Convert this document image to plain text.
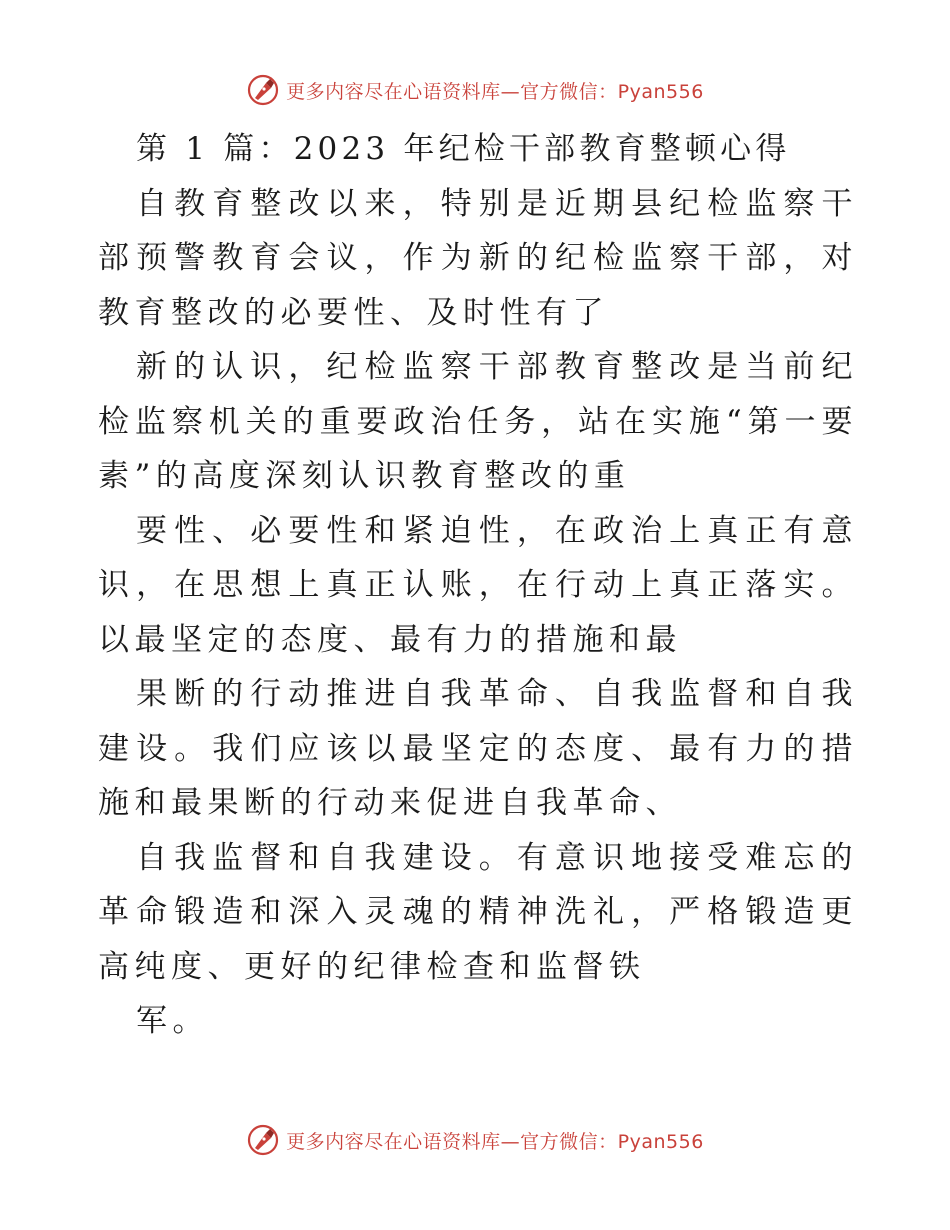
更多内容尽在心语资料库—官方微信：Pyan556

第 1 篇：2023 年纪检干部教育整顿心得

自教育整改以来，特别是近期县纪检监察干部预警教育会议，作为新的纪检监察干部，对教育整改的必要性、及时性有了

新的认识，纪检监察干部教育整改是当前纪检监察机关的重要政治任务，站在实施“第一要素”的高度深刻认识教育整改的重

要性、必要性和紧迫性，在政治上真正有意识，在思想上真正认账，在行动上真正落实。以最坚定的态度、最有力的措施和最

果断的行动推进自我革命、自我监督和自我建设。我们应该以最坚定的态度、最有力的措施和最果断的行动来促进自我革命、

自我监督和自我建设。有意识地接受难忘的革命锻造和深入灵魂的精神洗礼，严格锻造更高纯度、更好的纪律检查和监督铁

军。

更多内容尽在心语资料库—官方微信：Pyan556
